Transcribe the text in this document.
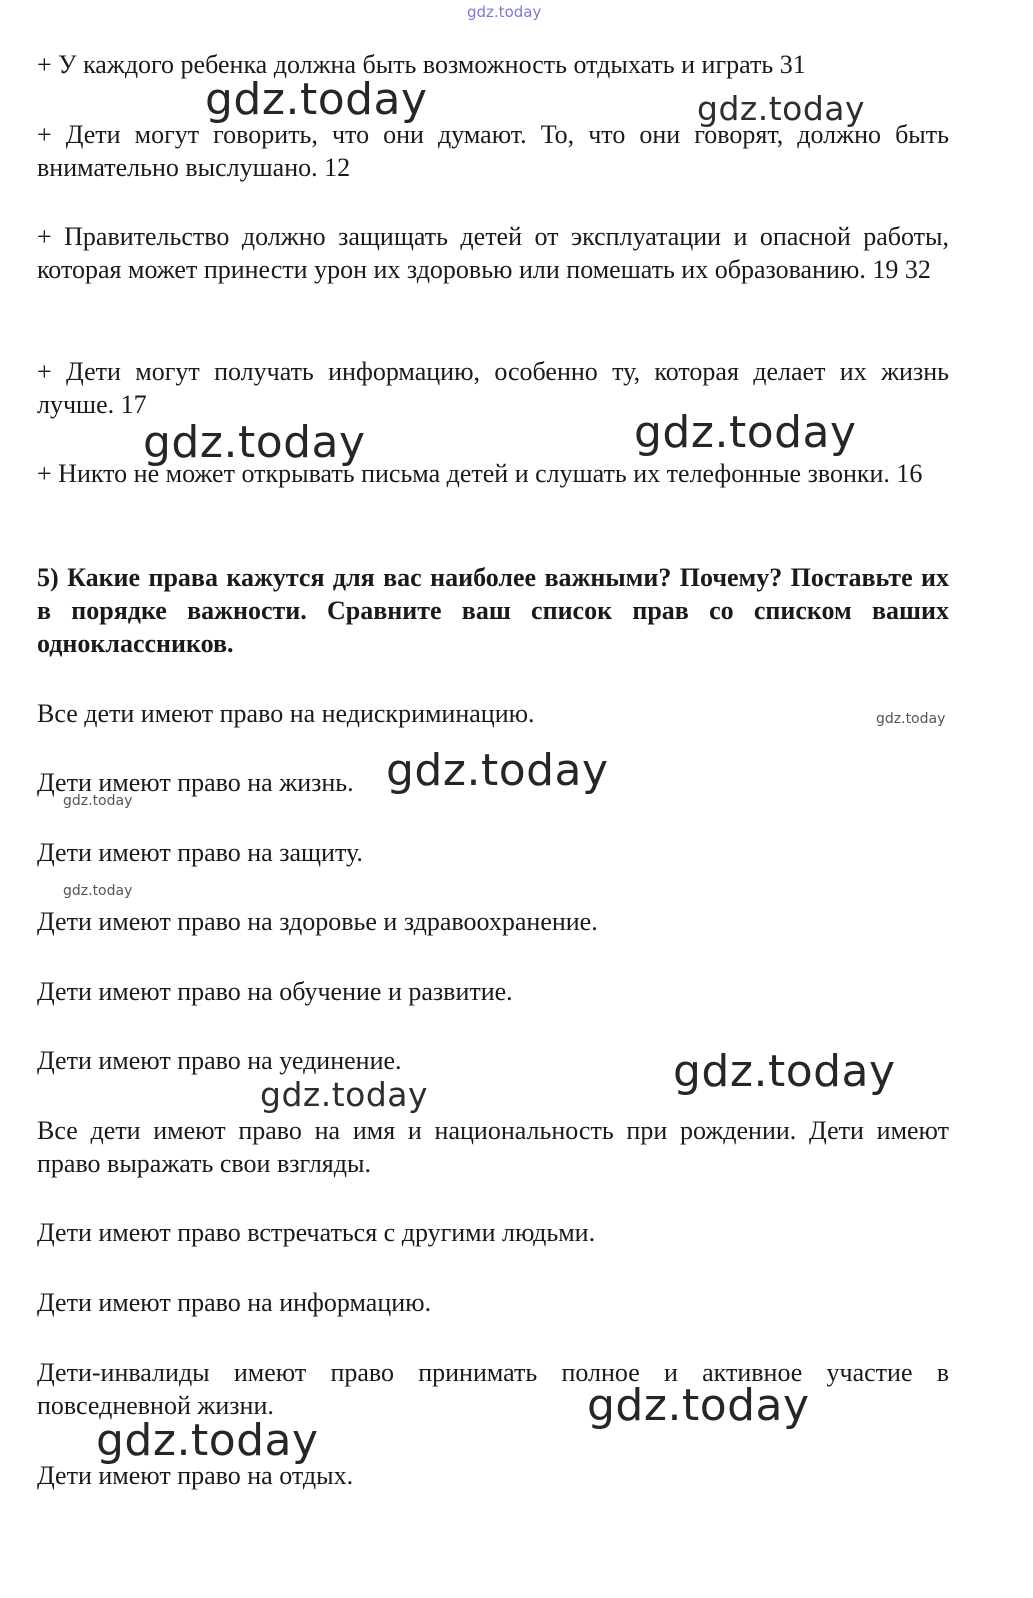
gdz.today

+ У каждого ребенка должна быть возможность отдыхать и играть 31

+ Дети могут говорить, что они думают. То, что они говорят, должно быть внимательно выслушано. 12

+ Правительство должно защищать детей от эксплуатации и опасной работы, которая может принести урон их здоровью или помешать их образованию. 19 32

+ Дети могут получать информацию, особенно ту, которая делает их жизнь лучше. 17

+ Никто не может открывать письма детей и слушать их телефонные звонки. 16

5) Какие права кажутся для вас наиболее важными? Почему? Поставьте их в порядке важности. Сравните ваш список прав со списком ваших одноклассников.

Все дети имеют право на недискриминацию.

Дети имеют право на жизнь.

Дети имеют право на защиту.

Дети имеют право на здоровье и здравоохранение.

Дети имеют право на обучение и развитие.

Дети имеют право на уединение.

Все дети имеют право на имя и национальность при рождении. Дети имеют право выражать свои взгляды.

Дети имеют право встречаться с другими людьми.

Дети имеют право на информацию.

Дети-инвалиды имеют право принимать полное и активное участие в повседневной жизни.

Дети имеют право на отдых.

gdz.today	gdz.today
gdz.today	gdz.today
gdz.today
gdz.today
gdz.today
gdz.today
gdz.today
gdz.today
gdz.today
gdz.today
